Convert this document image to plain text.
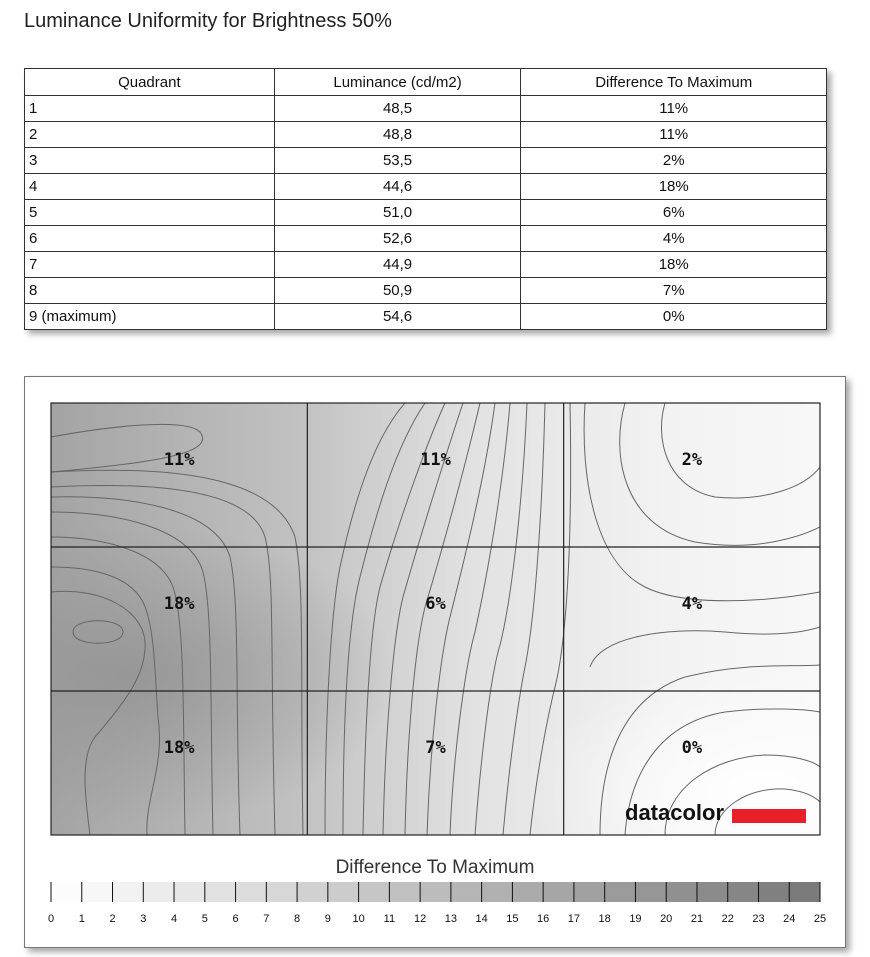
Luminance Uniformity for Brightness 50%
Quadrant	Luminance (cd/m2)	Difference To Maximum
1	48,5	11%
2	48,8	11%
3	53,5	2%
4	44,6	18%
5	51,0	6%
6	52,6	4%
7	44,9	18%
8	50,9	7%
9 (maximum)	54,6	0%
11%	11%	2%
18%	6%	4%
18%	7%	0%
datacolor
Difference To Maximum
0 1 2 3 4 5 6 7 8 9 10 11 12 13 14 15 16 17 18 19 20 21 22 23 24 25
